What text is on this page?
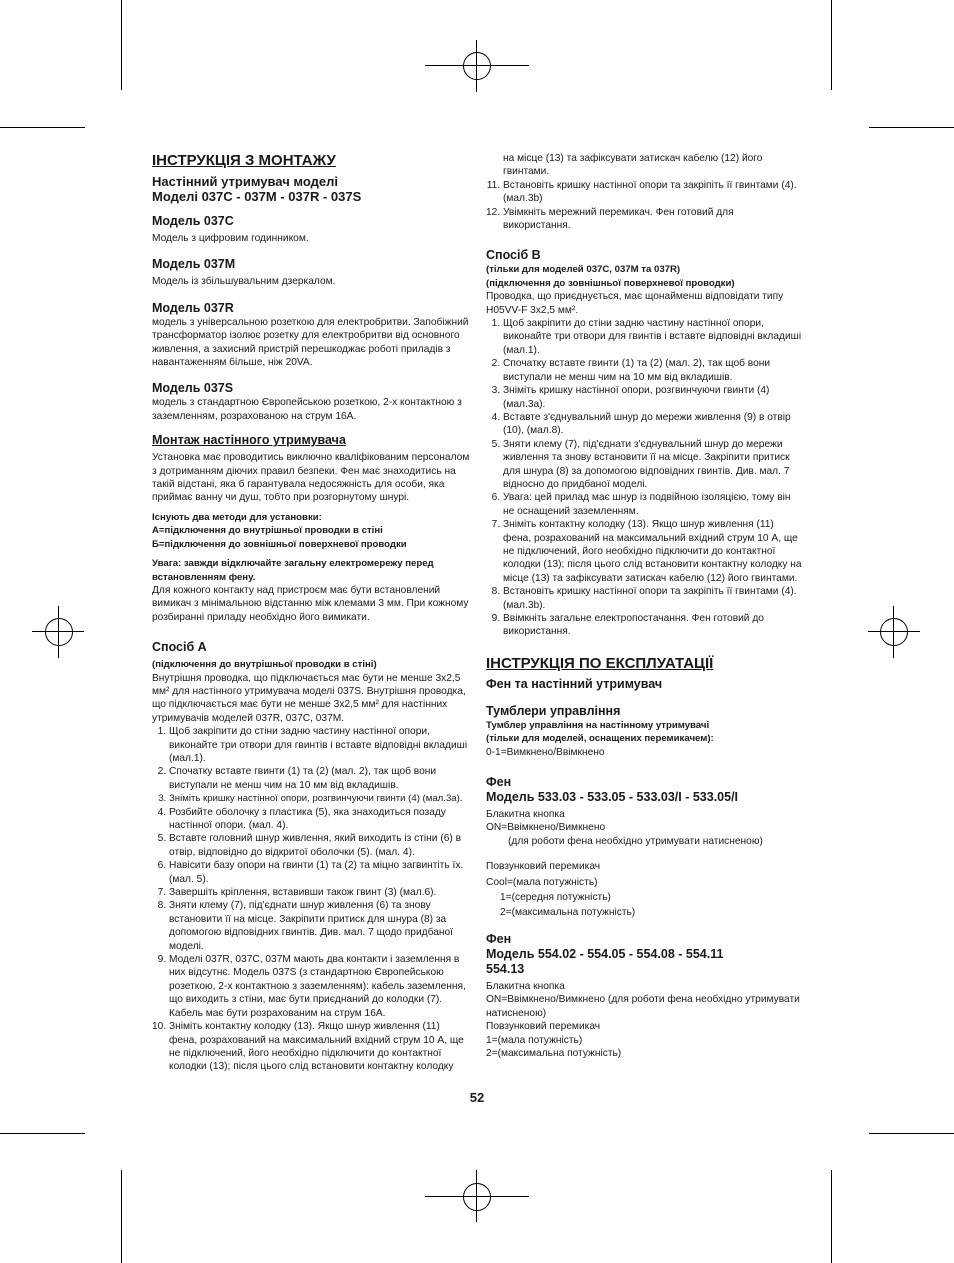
ІНСТРУКЦІЯ З МОНТАЖУ
Настінний утримувач моделі
Моделі 037С - 037M - 037R - 037S
Модель 037С

Модель з цифровим годинником.

Модель 037M

Модель із збільшувальним дзеркалом.

Модель 037R

модель з універсальною розеткою для електробритви. Запобіжний трансформатор ізолює розетку для електробритви від основного живлення, а захисний пристрій перешкоджає роботі приладів з навантаженням більше, ніж 20VA.

Модель 037S

модель з стандартною Європейською розеткою, 2-х контактною з заземленням, розрахованою на струм 16A.

Монтаж настінного утримувача

Установка має проводитись виключно кваліфікованим персоналом з дотриманням діючих правил безпеки. Фен має знаходитись на такій відстані, яка б гарантувала недосяжність для особи, яка приймає ванну чи душ, тобто при розгорнутому шнурі.

Існують два методи для установки:

A=підключення до внутрішньої проводки в стіні

Б=підключення до зовнішньої поверхневої проводки

Увага: завжди відключайте загальну електромережу перед встановленням фену.

Для кожного контакту над пристроєм має бути встановлений вимикач з мінімальною відстанню між клемами 3 мм. При кожному розбиранні приладу необхідно його вимикати.

Спосіб А

(підключення до внутрішньої проводки в стіні)

Внутрішня проводка, що підключається має бути не менше 3х2,5 мм² для настінного утримувача моделі 037S. Внутрішня проводка, що підключається має бути не менше 3х2,5 мм² для настінних утримувачів моделей 037R, 037C, 037M.

1. Щоб закріпити до стіни задню частину настінної опори, виконайте три отвори для гвинтів і вставте відповідні вкладиші (мал.1).
2. Спочатку вставте гвинти (1) та (2) (мал. 2), так щоб вони виступали не менш чим на 10 мм від вкладишів.
3. Зніміть кришку настінної опори, розгвинчуючи гвинти (4) (мал.3a).
4. Розбийте оболочку з пластика (5), яка знаходиться позаду настінної опори. (мал. 4).
5. Вставте головний шнур живлення, який виходить із стіни (6) в отвір, відповідно до відкритої оболочки (5). (мал. 4).
6. Навісити базу опори на гвинти (1) та (2) та міцно загвинтіть їх. (мал. 5).
7. Завершіть кріплення, вставивши також гвинт (3) (мал.6).
8. Зняти клему (7), під'єднати шнур живлення (6) та знову встановити її на місце. Закріпити притиск для шнура (8) за допомогою відповідних гвинтів. Див. мал. 7 щодо придбаної моделі.
9. Моделі 037R, 037C, 037M мають два контакти і заземлення в них відсутнє. Модель 037S (з стандартною Європейською розеткою, 2-х контактною з заземленням): кабель заземлення, що виходить з стіни, має бути приєднаний до колодки (7). Кабель має бути розрахованим на струм 16A.
10. Зніміть контактну колодку (13). Якщо шнур живлення (11) фена, розрахований на максимальний вхідний струм 10 А, ще не підключений, його необхідно підключити до контактної колодки (13); після цього слід встановити контактну колодку

на місце (13) та зафіксувати затискач кабелю (12) його гвинтами.

11. Встановіть кришку настінної опори та закріпіть її гвинтами (4). (мал.3b)
12. Увімкніть мережний перемикач. Фен готовий для використання.
Спосіб B

(тільки для моделей 037C, 037M та 037R)

(підключення до зовнішньої поверхневої проводки)

Проводка, що приєднується, має щонайменш відповідати типу H05VV-F 3x2,5 мм².

1. Щоб закріпити до стіни задню частину настінної опори, виконайте три отвори для гвинтів і вставте відповідні вкладиші (мал.1).
2. Спочатку вставте гвинти (1) та (2) (мал. 2), так щоб вони виступали не менш чим на 10 мм від вкладишів.
3. Зніміть кришку настінної опори, розгвинчуючи гвинти (4) (мал.3a).
4. Вставте з'єднувальний шнур до мережи живлення (9) в отвір (10), (мал.8).
5. Зняти клему (7), під'єднати з'єднувальний шнур до мережи живлення та знову встановити її на місце. Закріпити притиск для шнура (8) за допомогою відповідних гвинтів. Див. мал. 7 відносно до придбаної моделі.
6. Увага: цей прилад має шнур із подвійною ізоляцією, тому він не оснащений заземленням.
7. Зніміть контактну колодку (13). Якщо шнур живлення (11) фена, розрахований на максимальний вхідний струм 10 А, ще не підключений, його необхідно підключити до контактної колодки (13); після цього слід встановити контактну колодку на місце (13) та зафіксувати затискач кабелю (12) його гвинтами.
8. Встановіть кришку настінної опори та закріпіть її гвинтами (4). (мал.3b).
9. Ввімкніть загальне електропостачання. Фен готовий до використання.
ІНСТРУКЦІЯ ПО ЕКСПЛУАТАЦІЇ
Фен та настінний утримувач
Тумблери управління

Тумблер управління на настінному утримувачі

(тільки для моделей, оснащених перемикачем):

0-1=Вимкнено/Ввімкнено

Фен
Модель 533.03 - 533.05 - 533.03/I - 533.05/I

Блакитна кнопка

ON=Ввімкнено/Вимкнено

(для роботи фена необхідно утримувати натисненою)

Повзунковий перемикач

Cool=(мала потужність)

1=(середня потужність)

2=(максимальна потужність)

Фен
Модель 554.02 - 554.05 - 554.08 - 554.11
554.13

Блакитна кнопка

ON=Ввімкнено/Вимкнено (для роботи фена необхідно утримувати натисненою)

Повзунковий перемикач

1=(мала потужність)

2=(максимальна потужність)

52
